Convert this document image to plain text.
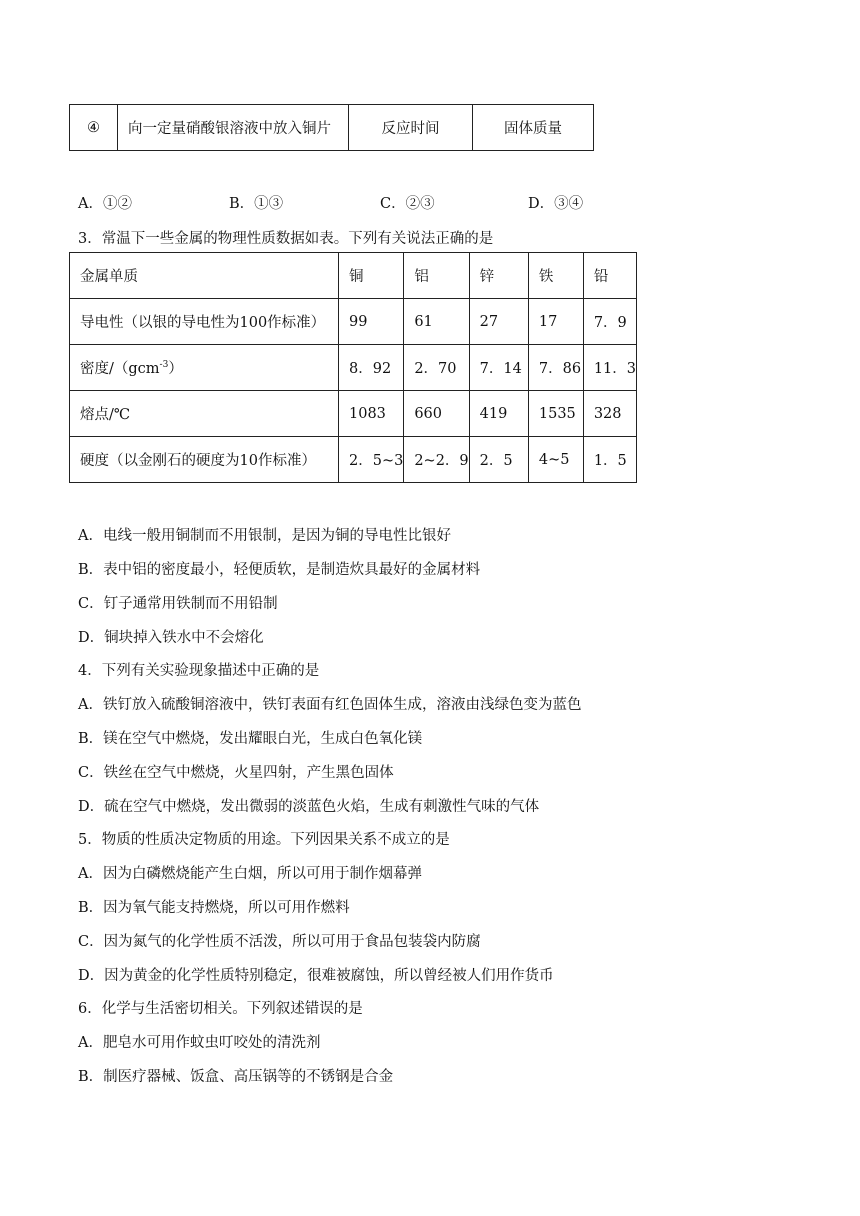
④	向一定量硝酸银溶液中放入铜片	反应时间	固体质量
A．①②	B．①③	C．②③	D．③④
3．常温下一些金属的物理性质数据如表。下列有关说法正确的是
金属单质	铜	铝	锌	铁	铅
导电性（以银的导电性为100作标准）	99	61	27	17	7．9
密度/（gcm$^{-3}$）	8．92	2．70	7．14	7．86	11．3
熔点/℃	1083	660	419	1535	328
硬度（以金刚石的硬度为10作标准）	2．5~3	2~2．9	2．5	4~5	1．5
A．电线一般用铜制而不用银制，是因为铜的导电性比银好
B．表中铝的密度最小，轻便质软，是制造炊具最好的金属材料
C．钉子通常用铁制而不用铅制
D．铜块掉入铁水中不会熔化
4．下列有关实验现象描述中正确的是
A．铁钉放入硫酸铜溶液中，铁钉表面有红色固体生成，溶液由浅绿色变为蓝色
B．镁在空气中燃烧，发出耀眼白光，生成白色氧化镁
C．铁丝在空气中燃烧，火星四射，产生黑色固体
D．硫在空气中燃烧，发出微弱的淡蓝色火焰，生成有刺激性气味的气体
5．物质的性质决定物质的用途。下列因果关系不成立的是
A．因为白磷燃烧能产生白烟，所以可用于制作烟幕弹
B．因为氧气能支持燃烧，所以可用作燃料
C．因为氮气的化学性质不活泼，所以可用于食品包装袋内防腐
D．因为黄金的化学性质特别稳定，很难被腐蚀，所以曾经被人们用作货币
6．化学与生活密切相关。下列叙述错误的是
A．肥皂水可用作蚊虫叮咬处的清洗剂
B．制医疗器械、饭盒、高压锅等的不锈钢是合金
